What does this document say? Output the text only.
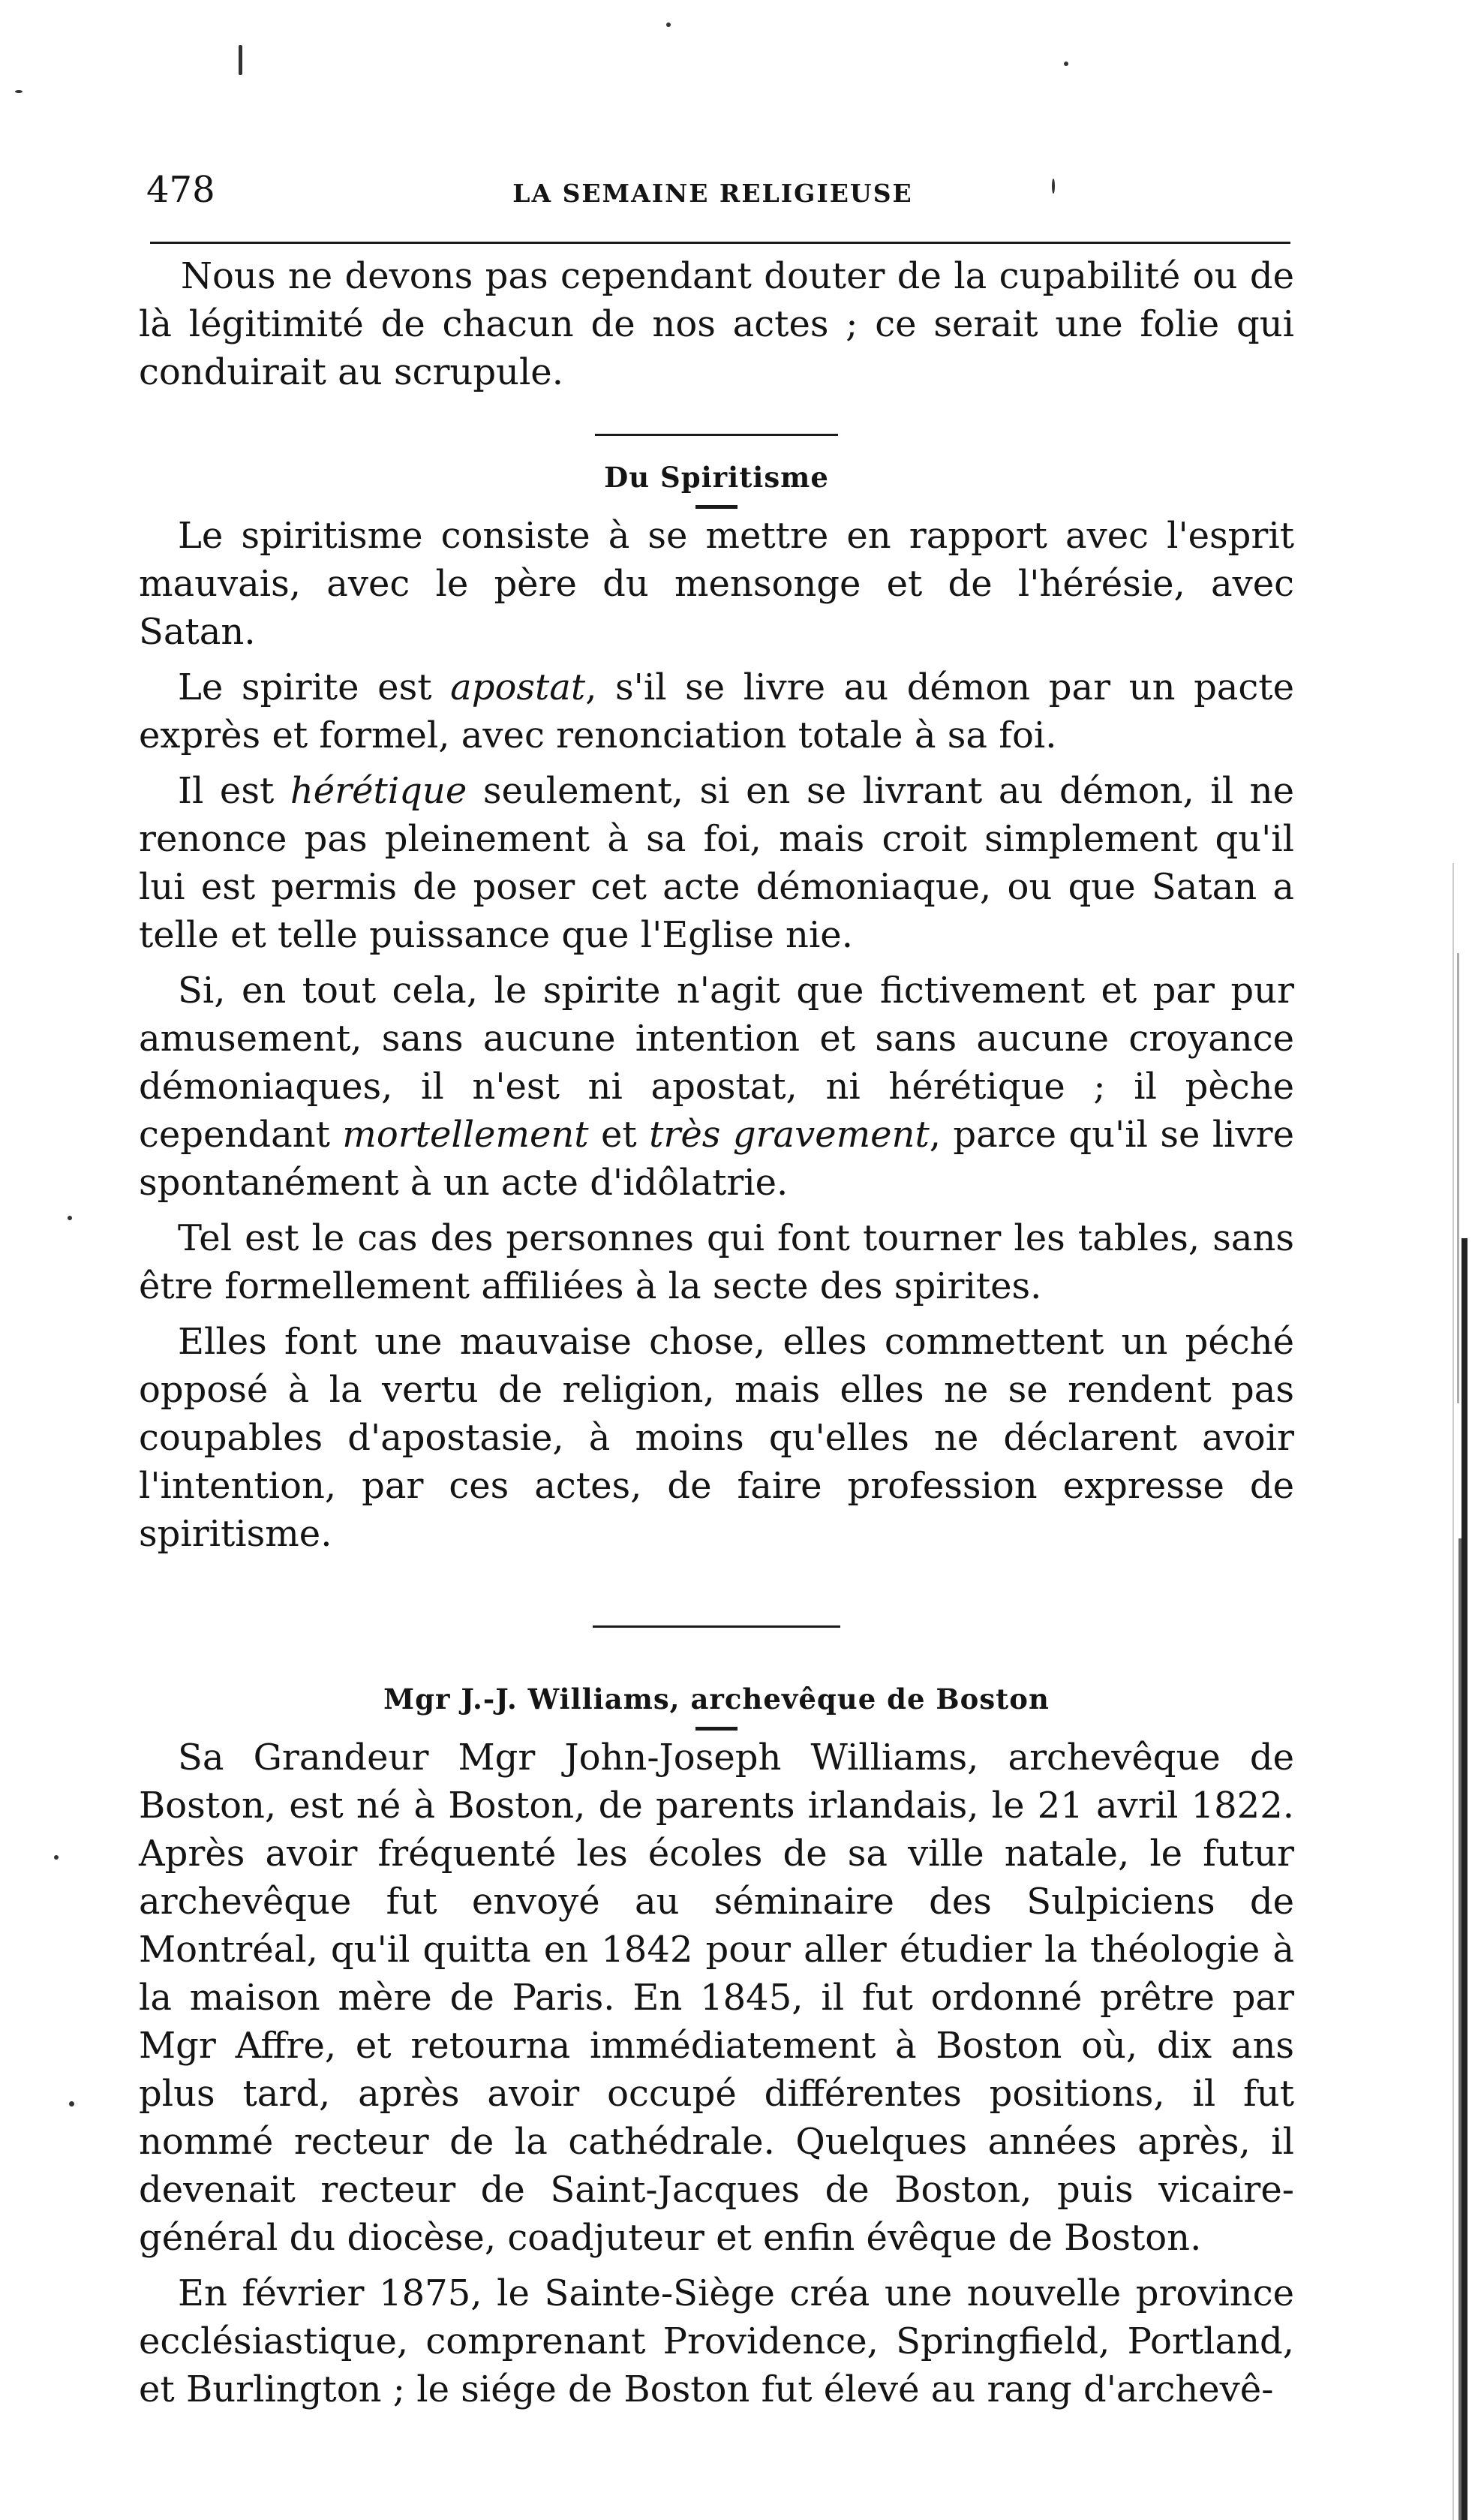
478	LA SEMAINE RELIGIEUSE

Nous ne devons pas cependant douter de la cupabilité ou de là légitimité de chacun de nos actes ; ce serait une folie qui conduirait au scrupule.

Du Spiritisme

Le spiritisme consiste à se mettre en rapport avec l'esprit mauvais, avec le père du mensonge et de l'hérésie, avec Satan.

Le spirite est apostat, s'il se livre au démon par un pacte exprès et formel, avec renonciation totale à sa foi.

Il est hérétique seulement, si en se livrant au démon, il ne renonce pas pleinement à sa foi, mais croit simplement qu'il lui est permis de poser cet acte démoniaque, ou que Satan a telle et telle puissance que l'Eglise nie.

Si, en tout cela, le spirite n'agit que fictivement et par pur amusement, sans aucune intention et sans aucune croyance démoniaques, il n'est ni apostat, ni hérétique ; il pèche cependant mortellement et très gravement, parce qu'il se livre spontanément à un acte d'idôlatrie.

Tel est le cas des personnes qui font tourner les tables, sans être formellement affiliées à la secte des spirites.

Elles font une mauvaise chose, elles commettent un péché opposé à la vertu de religion, mais elles ne se rendent pas coupables d'apostasie, à moins qu'elles ne déclarent avoir l'intention, par ces actes, de faire profession expresse de spiritisme.

Mgr J.-J. Williams, archevêque de Boston

Sa Grandeur Mgr John-Joseph Williams, archevêque de Boston, est né à Boston, de parents irlandais, le 21 avril 1822. Après avoir fréquenté les écoles de sa ville natale, le futur archevêque fut envoyé au séminaire des Sulpiciens de Montréal, qu'il quitta en 1842 pour aller étudier la théologie à la maison mère de Paris. En 1845, il fut ordonné prêtre par Mgr Affre, et retourna immédiatement à Boston où, dix ans plus tard, après avoir occupé différentes positions, il fut nommé recteur de la cathédrale. Quelques années après, il devenait recteur de Saint-Jacques de Boston, puis vicaire-général du diocèse, coadjuteur et enfin évêque de Boston.

En février 1875, le Sainte-Siège créa une nouvelle province ecclésiastique, comprenant Providence, Springfield, Portland, et Burlington ; le siége de Boston fut élevé au rang d'archevê-
